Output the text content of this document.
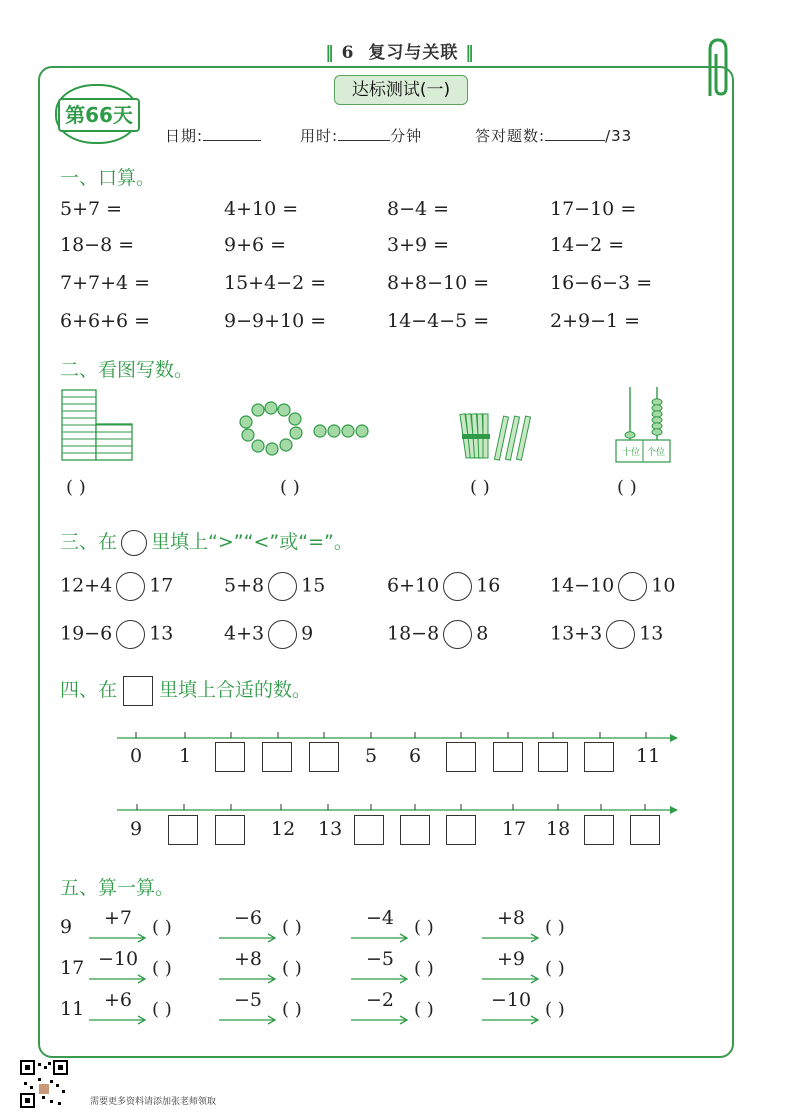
‖ 6 复习与关联 ‖
达标测试(一)
第66天
日期:	用时:	分钟	答对题数:	/33
一、口算。
5+7 =	4+10 =	8−4 =	17−10 =
18−8 =	9+6 =	3+9 =	14−2 =
7+7+4 =	15+4−2 =	8+8−10 =	16−6−3 =
6+6+6 =	9−9+10 =	14−4−5 =	2+9−1 =
二、看图写数。
十位 个位
( )	( )	( )	( )
三、在 里填上“>”“<”或“=”。
12+4 17	5+8 15	6+10 16	14−10 10
19−6 13	4+3 9	18−8 8	13+3 13
四、在 里填上合适的数。
0 1	5 6	11
9	12 13	17 18
五、算一算。
9	+7	( )	−6	( )	−4	( )	+8	( )
17 −10 ( )	+8	( )	−5	( )	+9	( )
11	+6	( )	−5	( )	−2	( )	−10 ( )
需要更多资料请添加张老师领取
